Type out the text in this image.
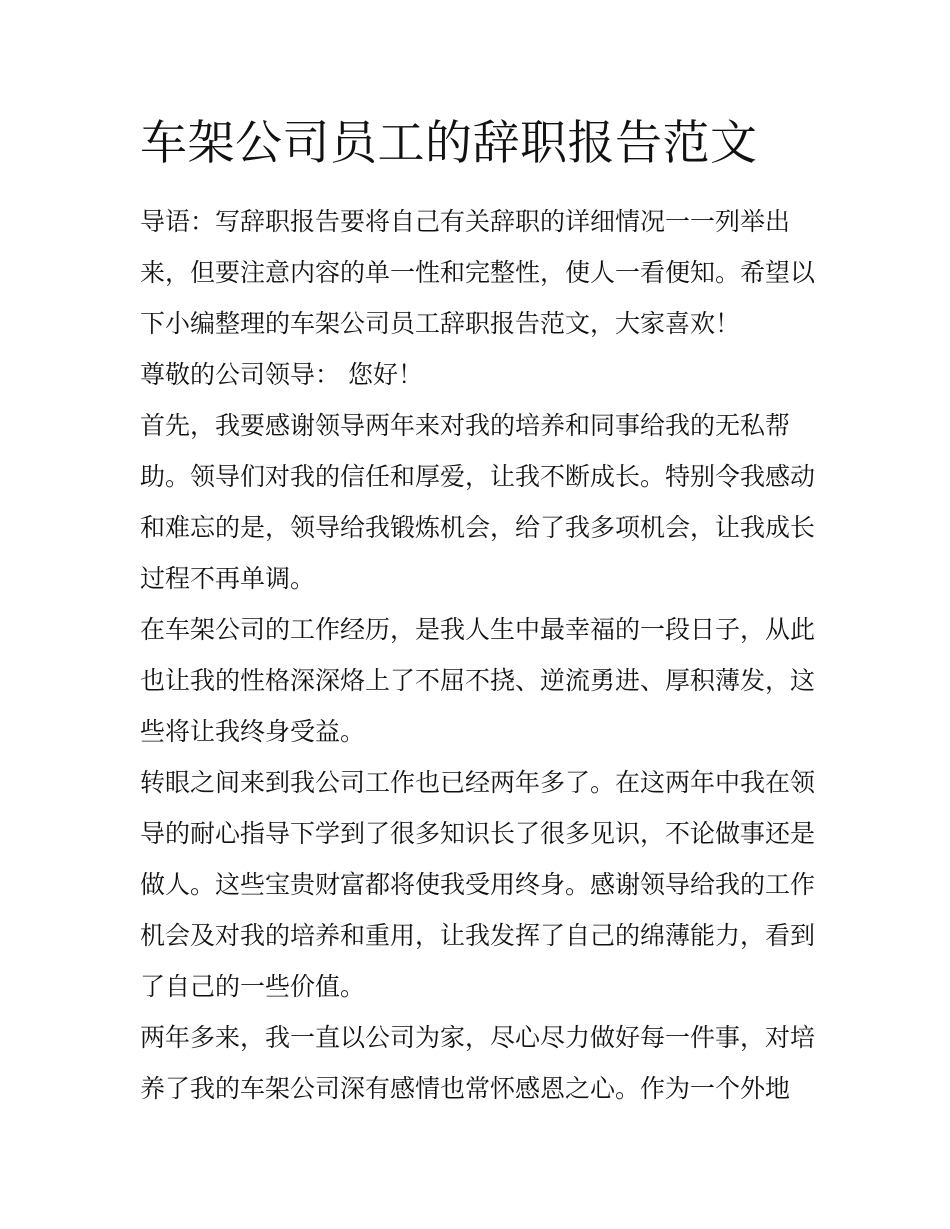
车架公司员工的辞职报告范文
导语：写辞职报告要将自己有关辞职的详细情况一一列举出
来，但要注意内容的单一性和完整性，使人一看便知。希望以
下小编整理的车架公司员工辞职报告范文，大家喜欢！
尊敬的公司领导： 您好！
首先，我要感谢领导两年来对我的培养和同事给我的无私帮
助。领导们对我的信任和厚爱，让我不断成长。特别令我感动
和难忘的是，领导给我锻炼机会，给了我多项机会，让我成长
过程不再单调。
在车架公司的工作经历，是我人生中最幸福的一段日子，从此
也让我的性格深深烙上了不屈不挠、逆流勇进、厚积薄发，这
些将让我终身受益。
转眼之间来到我公司工作也已经两年多了。在这两年中我在领
导的耐心指导下学到了很多知识长了很多见识，不论做事还是
做人。这些宝贵财富都将使我受用终身。感谢领导给我的工作
机会及对我的培养和重用，让我发挥了自己的绵薄能力，看到
了自己的一些价值。
两年多来，我一直以公司为家，尽心尽力做好每一件事，对培
养了我的车架公司深有感情也常怀感恩之心。作为一个外地
